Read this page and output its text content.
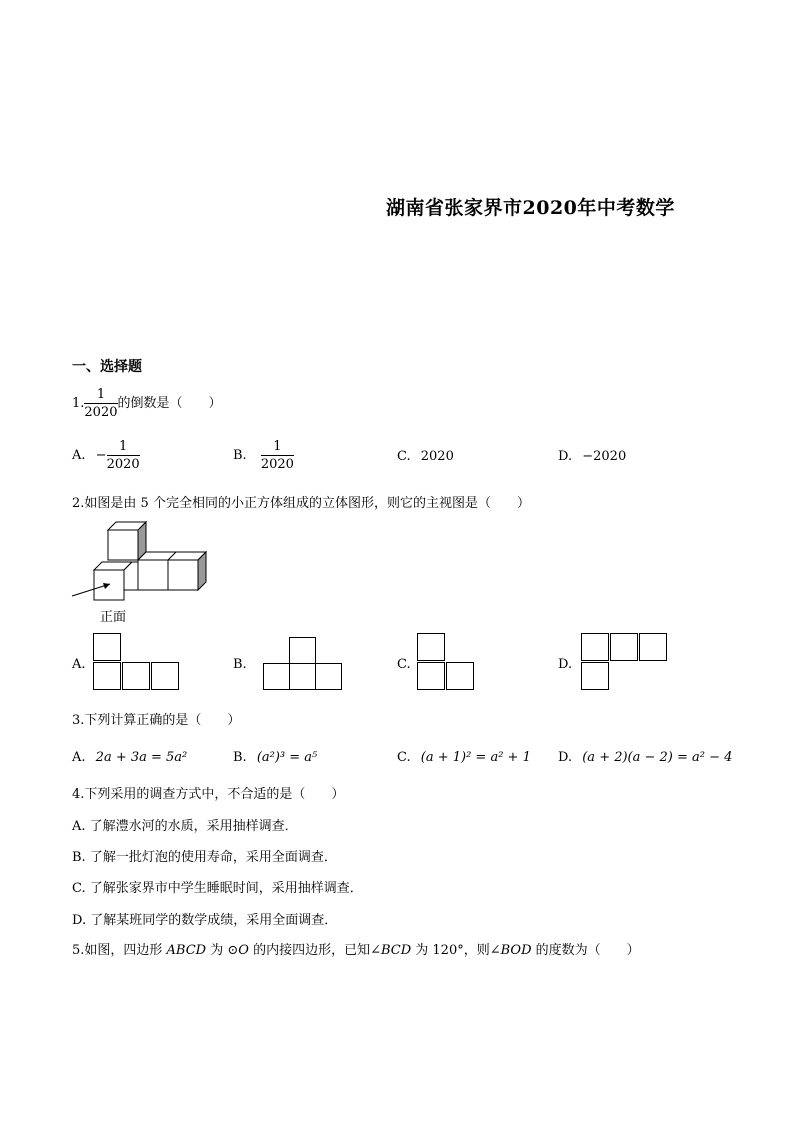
湖南省张家界市2020年中考数学
一、选择题
1. $\frac{1}{2020}$ 的倒数是（　　）
A. − $\frac{1}{2020}$	B. $\frac{1}{2020}$	C. 2020	D. −2020
2.如图是由 5 个完全相同的小正方体组成的立体图形，则它的主视图是（　　）
正面
A.	B.	C.	D.
3.下列计算正确的是（　　）
A. 2a + 3a = 5a²	B. (a²)³ = a⁵	C. (a + 1)² = a² + 1 D. (a + 2)(a − 2) = a² − 4
4.下列采用的调查方式中，不合适的是（　　）
A. 了解澧水河的水质，采用抽样调查．
B. 了解一批灯泡的使用寿命，采用全面调查．
C. 了解张家界市中学生睡眠时间，采用抽样调查．
D. 了解某班同学的数学成绩，采用全面调查．
5.如图，四边形 ABCD 为 ⊙O 的内接四边形，已知∠BCD 为 120°，则∠BOD 的度数为（　　）
